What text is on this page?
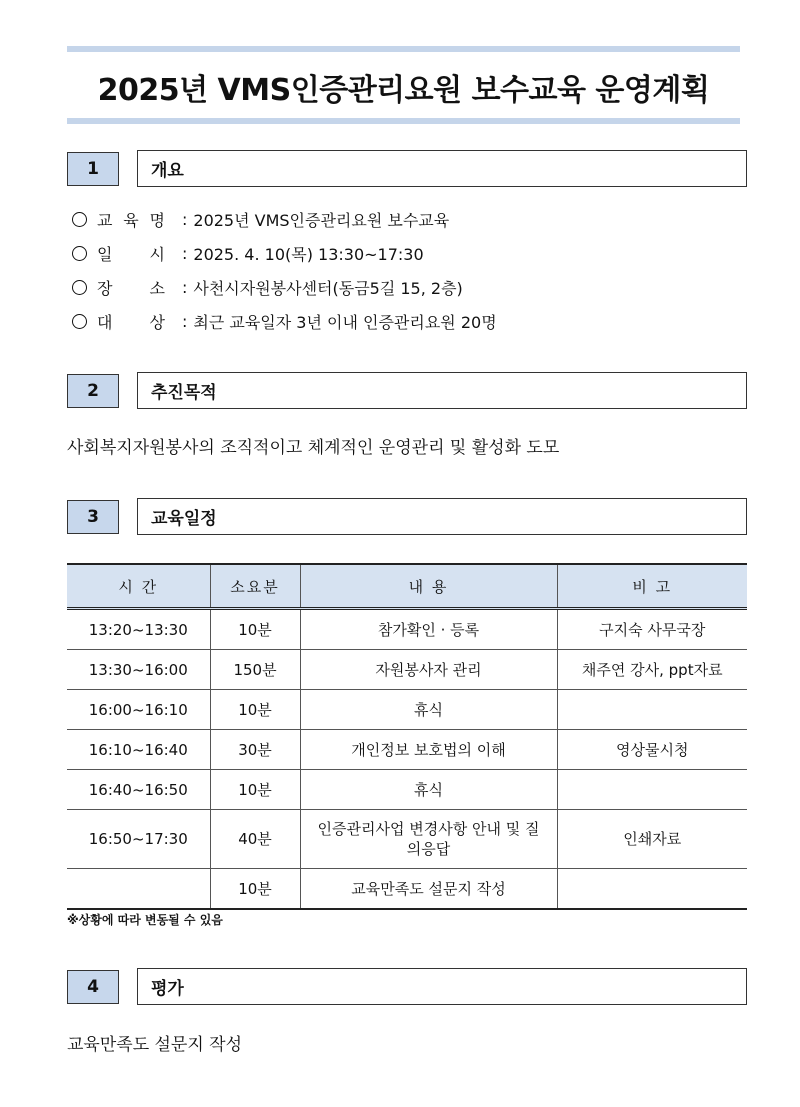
2025년 VMS인증관리요원 보수교육 운영계획
1	개요
교 육 명 : 2025년 VMS인증관리요원 보수교육
일 시 : 2025. 4. 10(목) 13:30~17:30
장 소 : 사천시자원봉사센터(동금5길 15, 2층)
대 상 : 최근 교육일자 3년 이내 인증관리요원 20명
2	추진목적
사회복지자원봉사의 조직적이고 체계적인 운영관리 및 활성화 도모
3	교육일정
시 간	소요분	내 용	비 고
13:20~13:30	10분	참가확인 · 등록	구지숙 사무국장
13:30~16:00	150분	자원봉사자 관리	채주연 강사, ppt자료
16:00~16:10	10분	휴식	
16:10~16:40	30분	개인정보 보호법의 이해	영상물시청
16:40~16:50	10분	휴식	
16:50~17:30	40분	인증관리사업 변경사항 안내 및 질의응답	인쇄자료
	10분	교육만족도 설문지 작성	
※상황에 따라 변동될 수 있음
4	평가
교육만족도 설문지 작성
